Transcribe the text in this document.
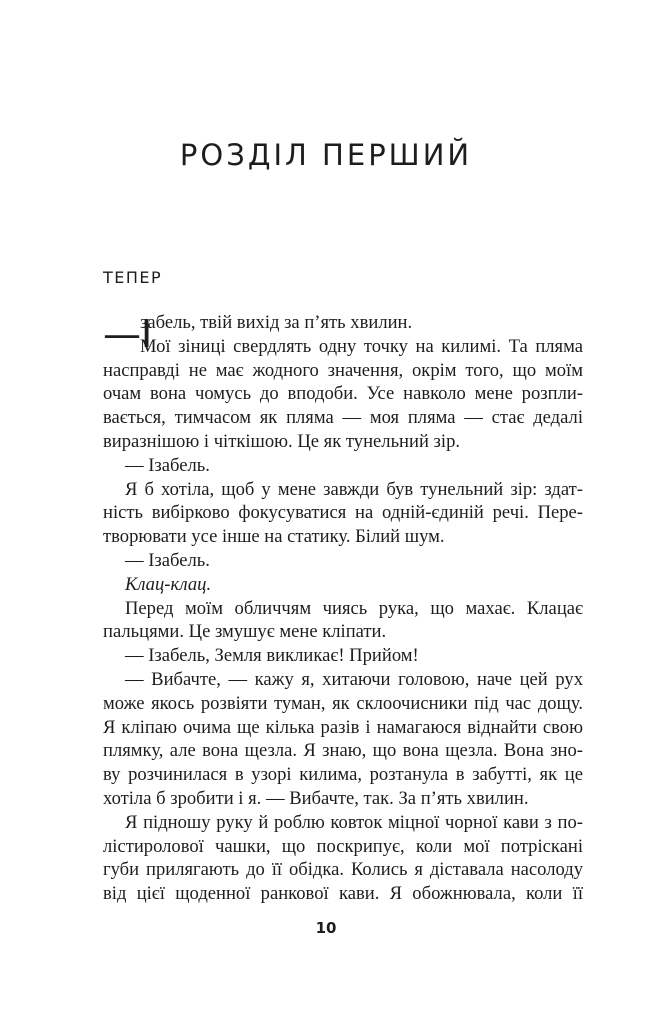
РОЗДІЛ ПЕРШИЙ
ТЕПЕР
—І
забель, твій вихід за п’ять хвилин.
Мої зіниці свердлять одну точку на килимі. Та пляма
насправді не має жодного значення, окрім того, що моїм
очам вона чомусь до вподоби. Усе навколо мене розпли-
вається, тимчасом як пляма — моя пляма — стає дедалі
виразнішою і чіткішою. Це як тунельний зір.
— Ізабель.
Я б хотіла, щоб у мене завжди був тунельний зір: здат-
ність вибірково фокусуватися на одній-єдиній речі. Пере-
творювати усе інше на статику. Білий шум.
— Ізабель.
Клац-клац.
Перед моїм обличчям чиясь рука, що махає. Клацає
пальцями. Це змушує мене кліпати.
— Ізабель, Земля викликає! Прийом!
— Вибачте, — кажу я, хитаючи головою, наче цей рух
може якось розвіяти туман, як склоочисники під час дощу.
Я кліпаю очима ще кілька разів і намагаюся віднайти свою
плямку, але вона щезла. Я знаю, що вона щезла. Вона зно-
ву розчинилася в узорі килима, розтанула в забутті, як це
хотіла б зробити і я. — Вибачте, так. За п’ять хвилин.
Я підношу руку й роблю ковток міцної чорної кави з по-
лістиролової чашки, що поскрипує, коли мої потріскані
губи прилягають до її обідка. Колись я діставала насолоду
від цієї щоденної ранкової кави. Я обожнювала, коли її
10
